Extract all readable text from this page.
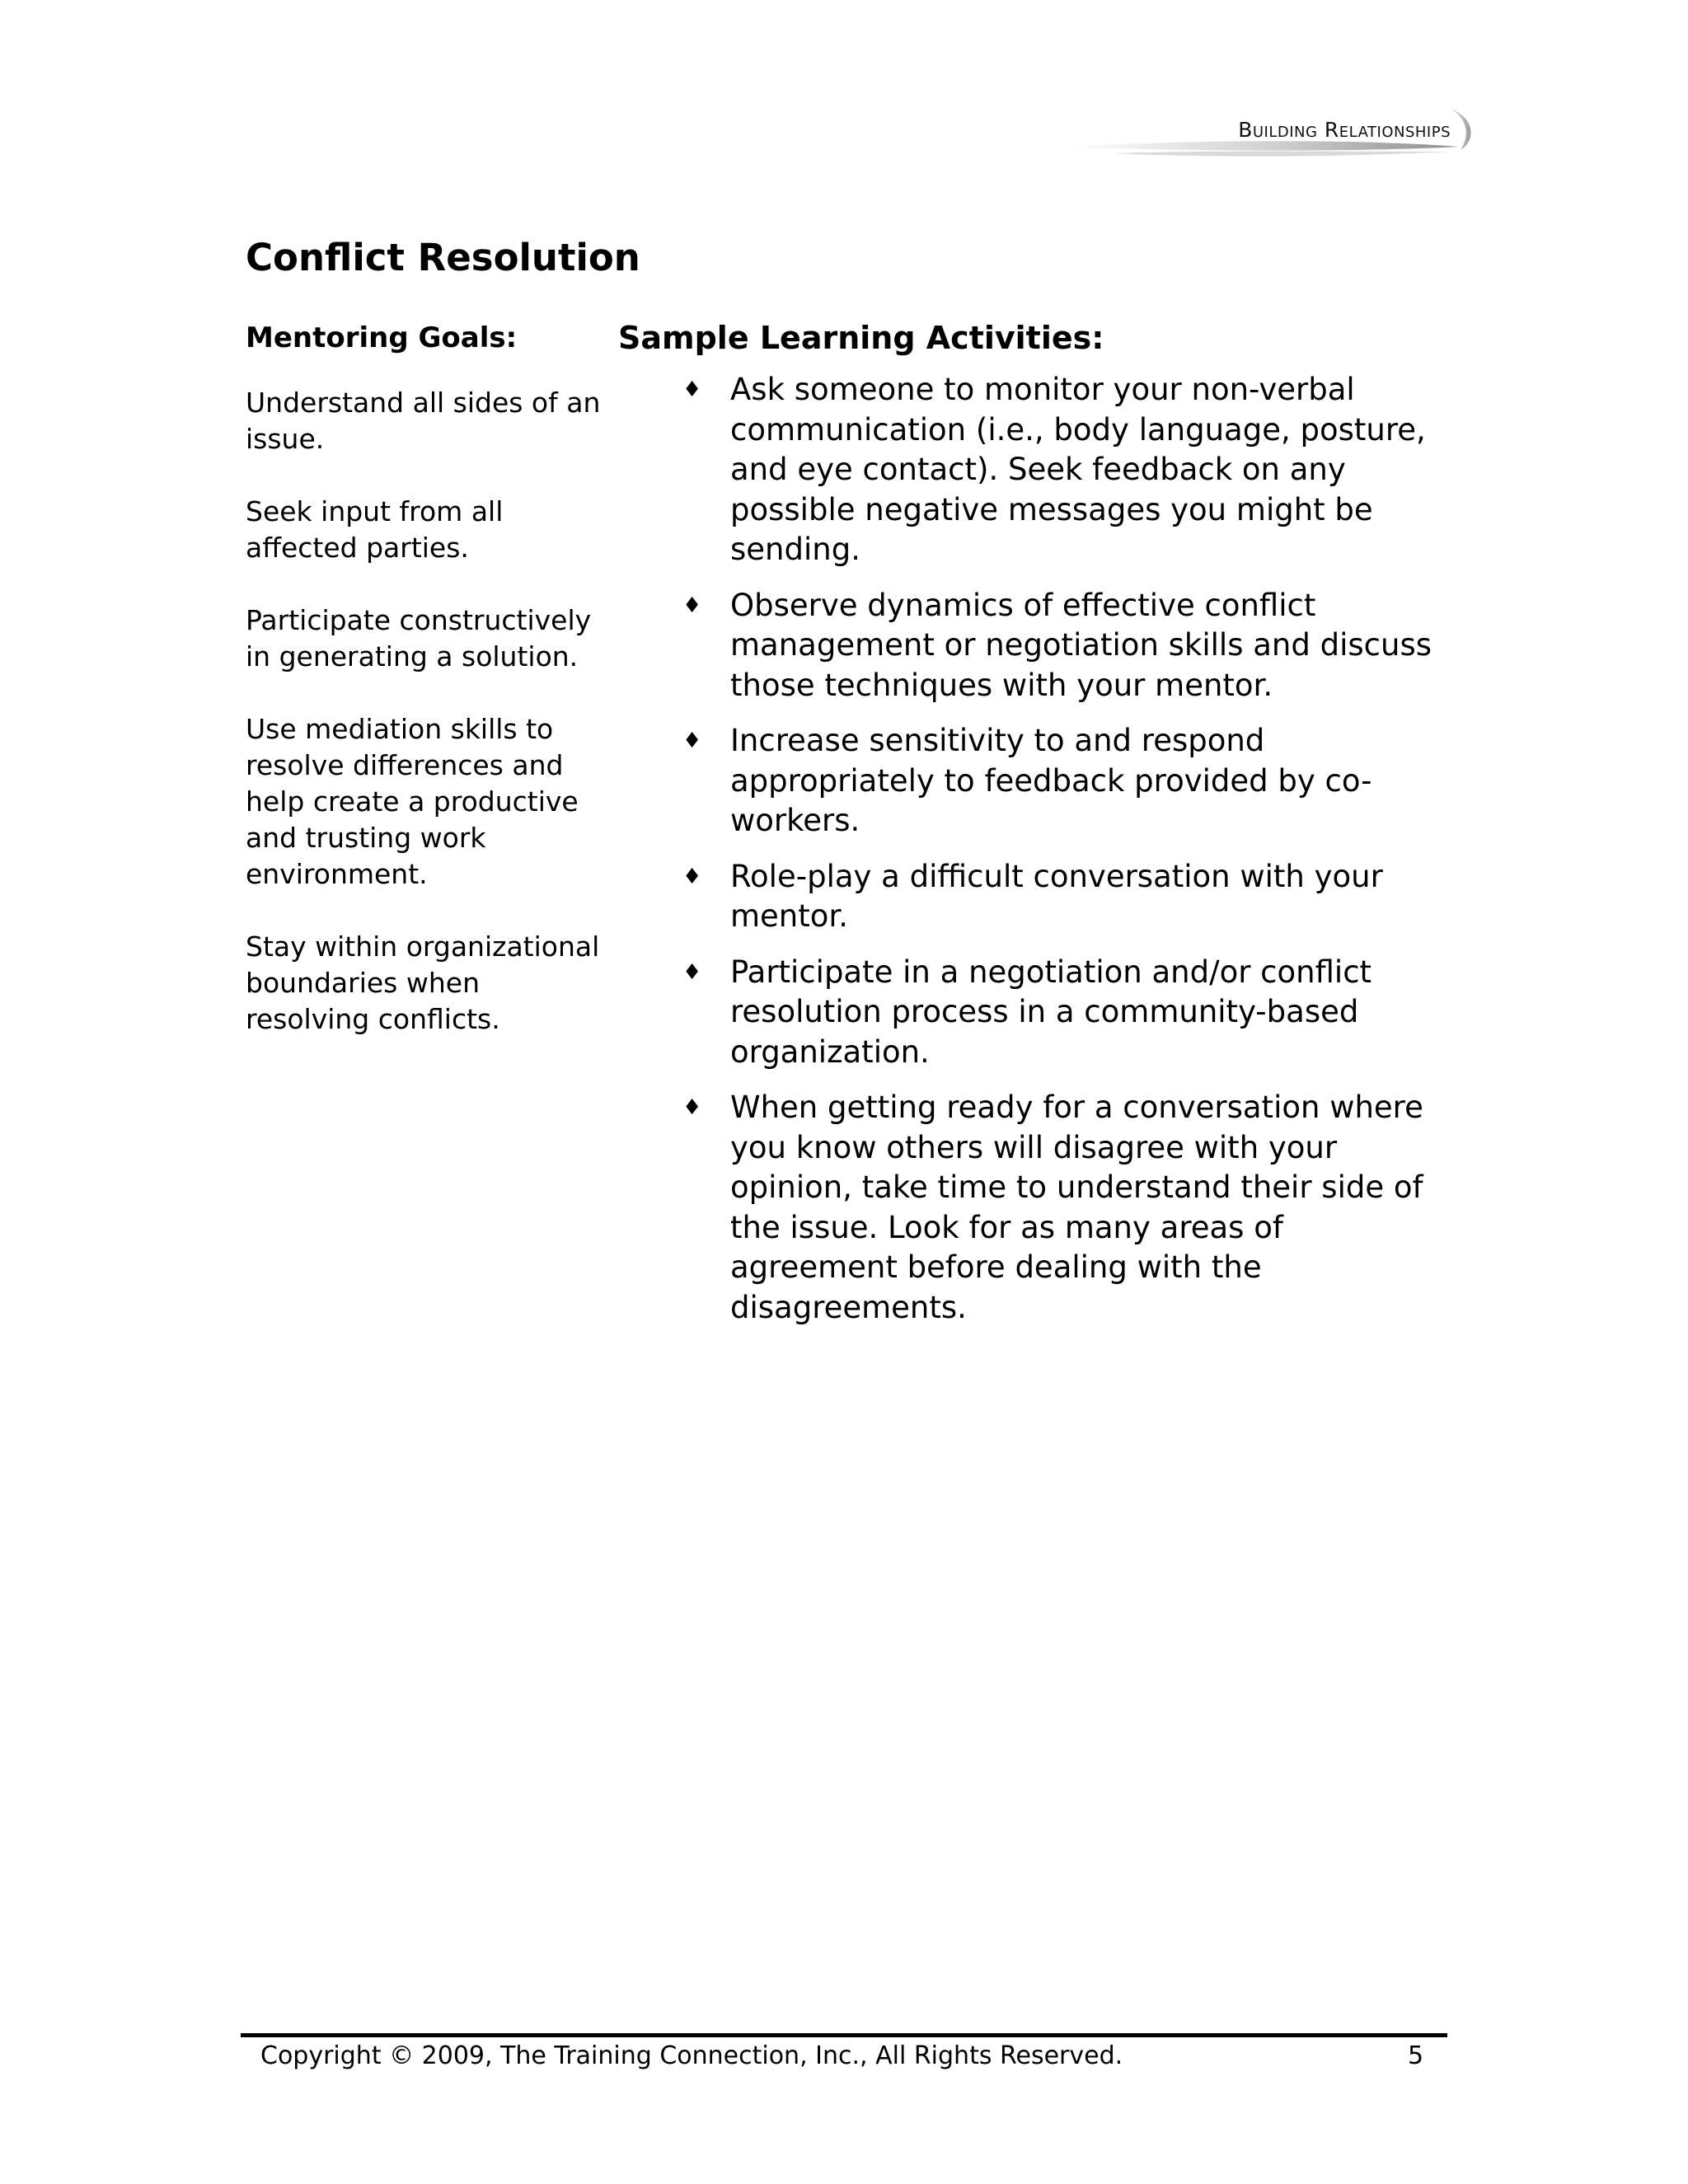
Building Relationships
Conflict Resolution
Mentoring Goals:

Understand all sides of an issue.

Seek input from all affected parties.

Participate constructively in generating a solution.

Use mediation skills to resolve differences and help create a productive and trusting work environment.

Stay within organizational boundaries when resolving conflicts.

Sample Learning Activities:
♦ Ask someone to monitor your non-verbal communication (i.e., body language, posture, and eye contact). Seek feedback on any possible negative messages you might be sending.
♦ Observe dynamics of effective conflict management or negotiation skills and discuss those techniques with your mentor.
♦ Increase sensitivity to and respond appropriately to feedback provided by co-workers.
♦ Role-play a difficult conversation with your mentor.
♦ Participate in a negotiation and/or conflict resolution process in a community-based organization.
♦ When getting ready for a conversation where you know others will disagree with your opinion, take time to understand their side of the issue. Look for as many areas of agreement before dealing with the disagreements.
Copyright © 2009, The Training Connection, Inc., All Rights Reserved.	5
